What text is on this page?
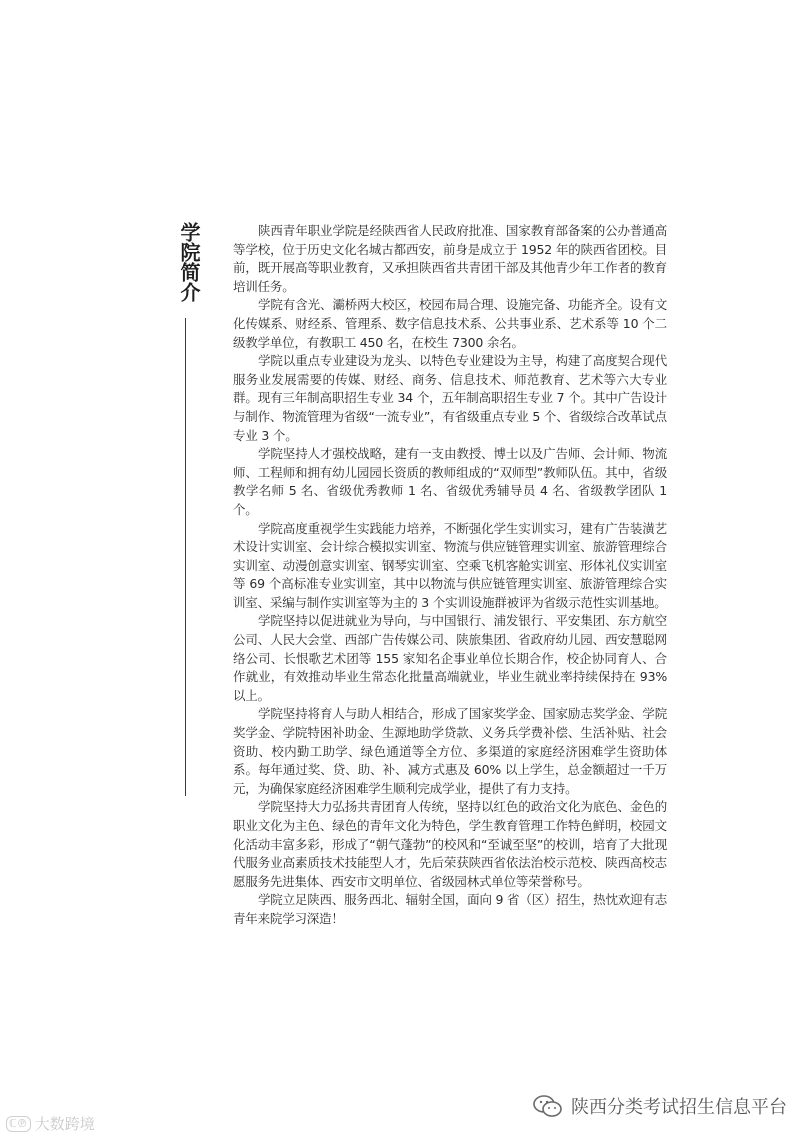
学院简介	陕西青年职业学院是经陕西省人民政府批准、国家教育部备案的公办普通高等学校，位于历史文化名城古都西安，前身是成立于 1952 年的陕西省团校。目前，既开展高等职业教育，又承担陕西省共青团干部及其他青少年工作者的教育培训任务。

学院有含光、灞桥两大校区，校园布局合理、设施完备、功能齐全。设有文化传媒系、财经系、管理系、数字信息技术系、公共事业系、艺术系等 10 个二级教学单位，有教职工 450 名，在校生 7300 余名。

学院以重点专业建设为龙头、以特色专业建设为主导，构建了高度契合现代服务业发展需要的传媒、财经、商务、信息技术、师范教育、艺术等六大专业群。现有三年制高职招生专业 34 个，五年制高职招生专业 7 个。其中广告设计与制作、物流管理为省级“一流专业”，有省级重点专业 5 个、省级综合改革试点专业 3 个。

学院坚持人才强校战略，建有一支由教授、博士以及广告师、会计师、物流师、工程师和拥有幼儿园园长资质的教师组成的“双师型”教师队伍。其中，省级教学名师 5 名、省级优秀教师 1 名、省级优秀辅导员 4 名、省级教学团队 1 个。

学院高度重视学生实践能力培养，不断强化学生实训实习，建有广告装潢艺术设计实训室、会计综合模拟实训室、物流与供应链管理实训室、旅游管理综合实训室、动漫创意实训室、钢琴实训室、空乘飞机客舱实训室、形体礼仪实训室等 69 个高标准专业实训室，其中以物流与供应链管理实训室、旅游管理综合实训室、采编与制作实训室等为主的 3 个实训设施群被评为省级示范性实训基地。

学院坚持以促进就业为导向，与中国银行、浦发银行、平安集团、东方航空公司、人民大会堂、西部广告传媒公司、陕旅集团、省政府幼儿园、西安慧聪网络公司、长恨歌艺术团等 155 家知名企事业单位长期合作，校企协同育人、合作就业，有效推动毕业生常态化批量高端就业，毕业生就业率持续保持在 93% 以上。

学院坚持将育人与助人相结合，形成了国家奖学金、国家励志奖学金、学院奖学金、学院特困补助金、生源地助学贷款、义务兵学费补偿、生活补贴、社会资助、校内勤工助学、绿色通道等全方位、多渠道的家庭经济困难学生资助体系。每年通过奖、贷、助、补、减方式惠及 60% 以上学生，总金额超过一千万元，为确保家庭经济困难学生顺利完成学业，提供了有力支持。

学院坚持大力弘扬共青团育人传统，坚持以红色的政治文化为底色、金色的职业文化为主色、绿色的青年文化为特色，学生教育管理工作特色鲜明，校园文化活动丰富多彩，形成了“朝气蓬勃”的校风和“至诚至坚”的校训，培育了大批现代服务业高素质技术技能型人才，先后荣获陕西省依法治校示范校、陕西高校志愿服务先进集体、西安市文明单位、省级园林式单位等荣誉称号。

学院立足陕西、服务西北、辐射全国，面向 9 省（区）招生，热忱欢迎有志青年来院学习深造！

ℂ℗ 大数跨境
陕西分类考试招生信息平台
